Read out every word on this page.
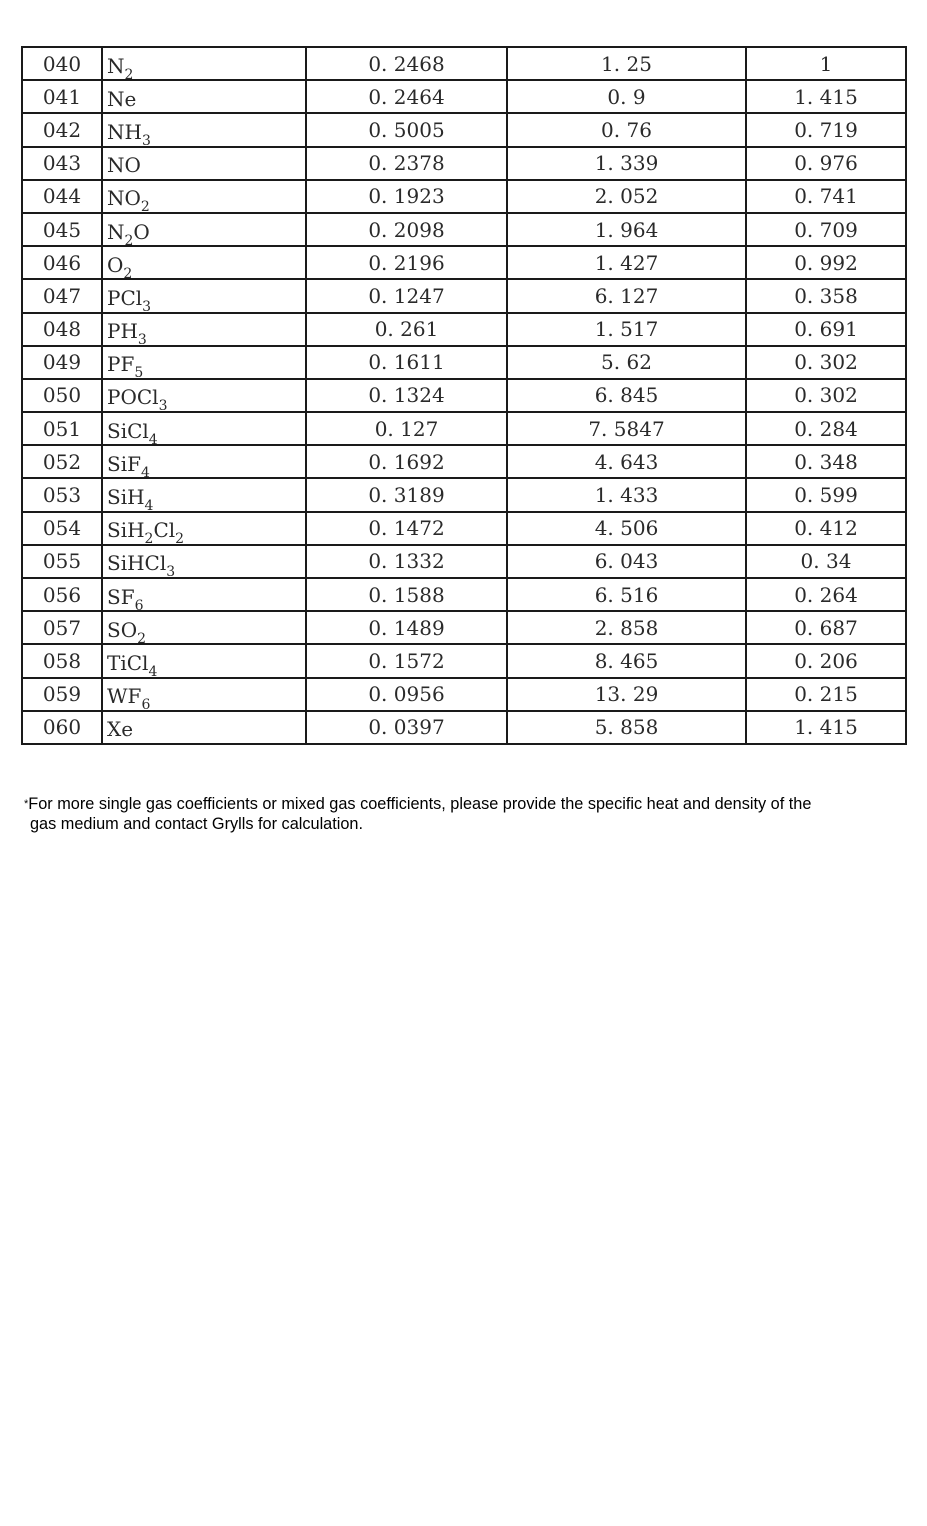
040	$N_2$	0. 2468	1. 25	1
041	Ne	0. 2464	0. 9	1. 415
042	$NH_3$	0. 5005	0. 76	0. 719
043	NO	0. 2378	1. 339	0. 976
044	$NO_2$	0. 1923	2. 052	0. 741
045	$N_2O$	0. 2098	1. 964	0. 709
046	$O_2$	0. 2196	1. 427	0. 992
047	PCl$_3$	0. 1247	6. 127	0. 358
048	$PH_3$	0. 261	1. 517	0. 691
049	$PF_5$	0. 1611	5. 62	0. 302
050	POCl$_3$	0. 1324	6. 845	0. 302
051	SiCl$_4$	0. 127	7. 5847	0. 284
052	SiF$_4$	0. 1692	4. 643	0. 348
053	SiH$_4$	0. 3189	1. 433	0. 599
054	$SiH_2Cl_2$	0. 1472	4. 506	0. 412
055	SiHCl$_3$	0. 1332	6. 043	0. 34
056	$SF_6$	0. 1588	6. 516	0. 264
057	$SO_2$	0. 1489	2. 858	0. 687
058	TiCl$_4$	0. 1572	8. 465	0. 206
059	$WF_6$	0. 0956	13. 29	0. 215
060	Xe	0. 0397	5. 858	1. 415
*For more single gas coefficients or mixed gas coefficients, please provide the specific heat and density of the
gas medium and contact Grylls for calculation.
